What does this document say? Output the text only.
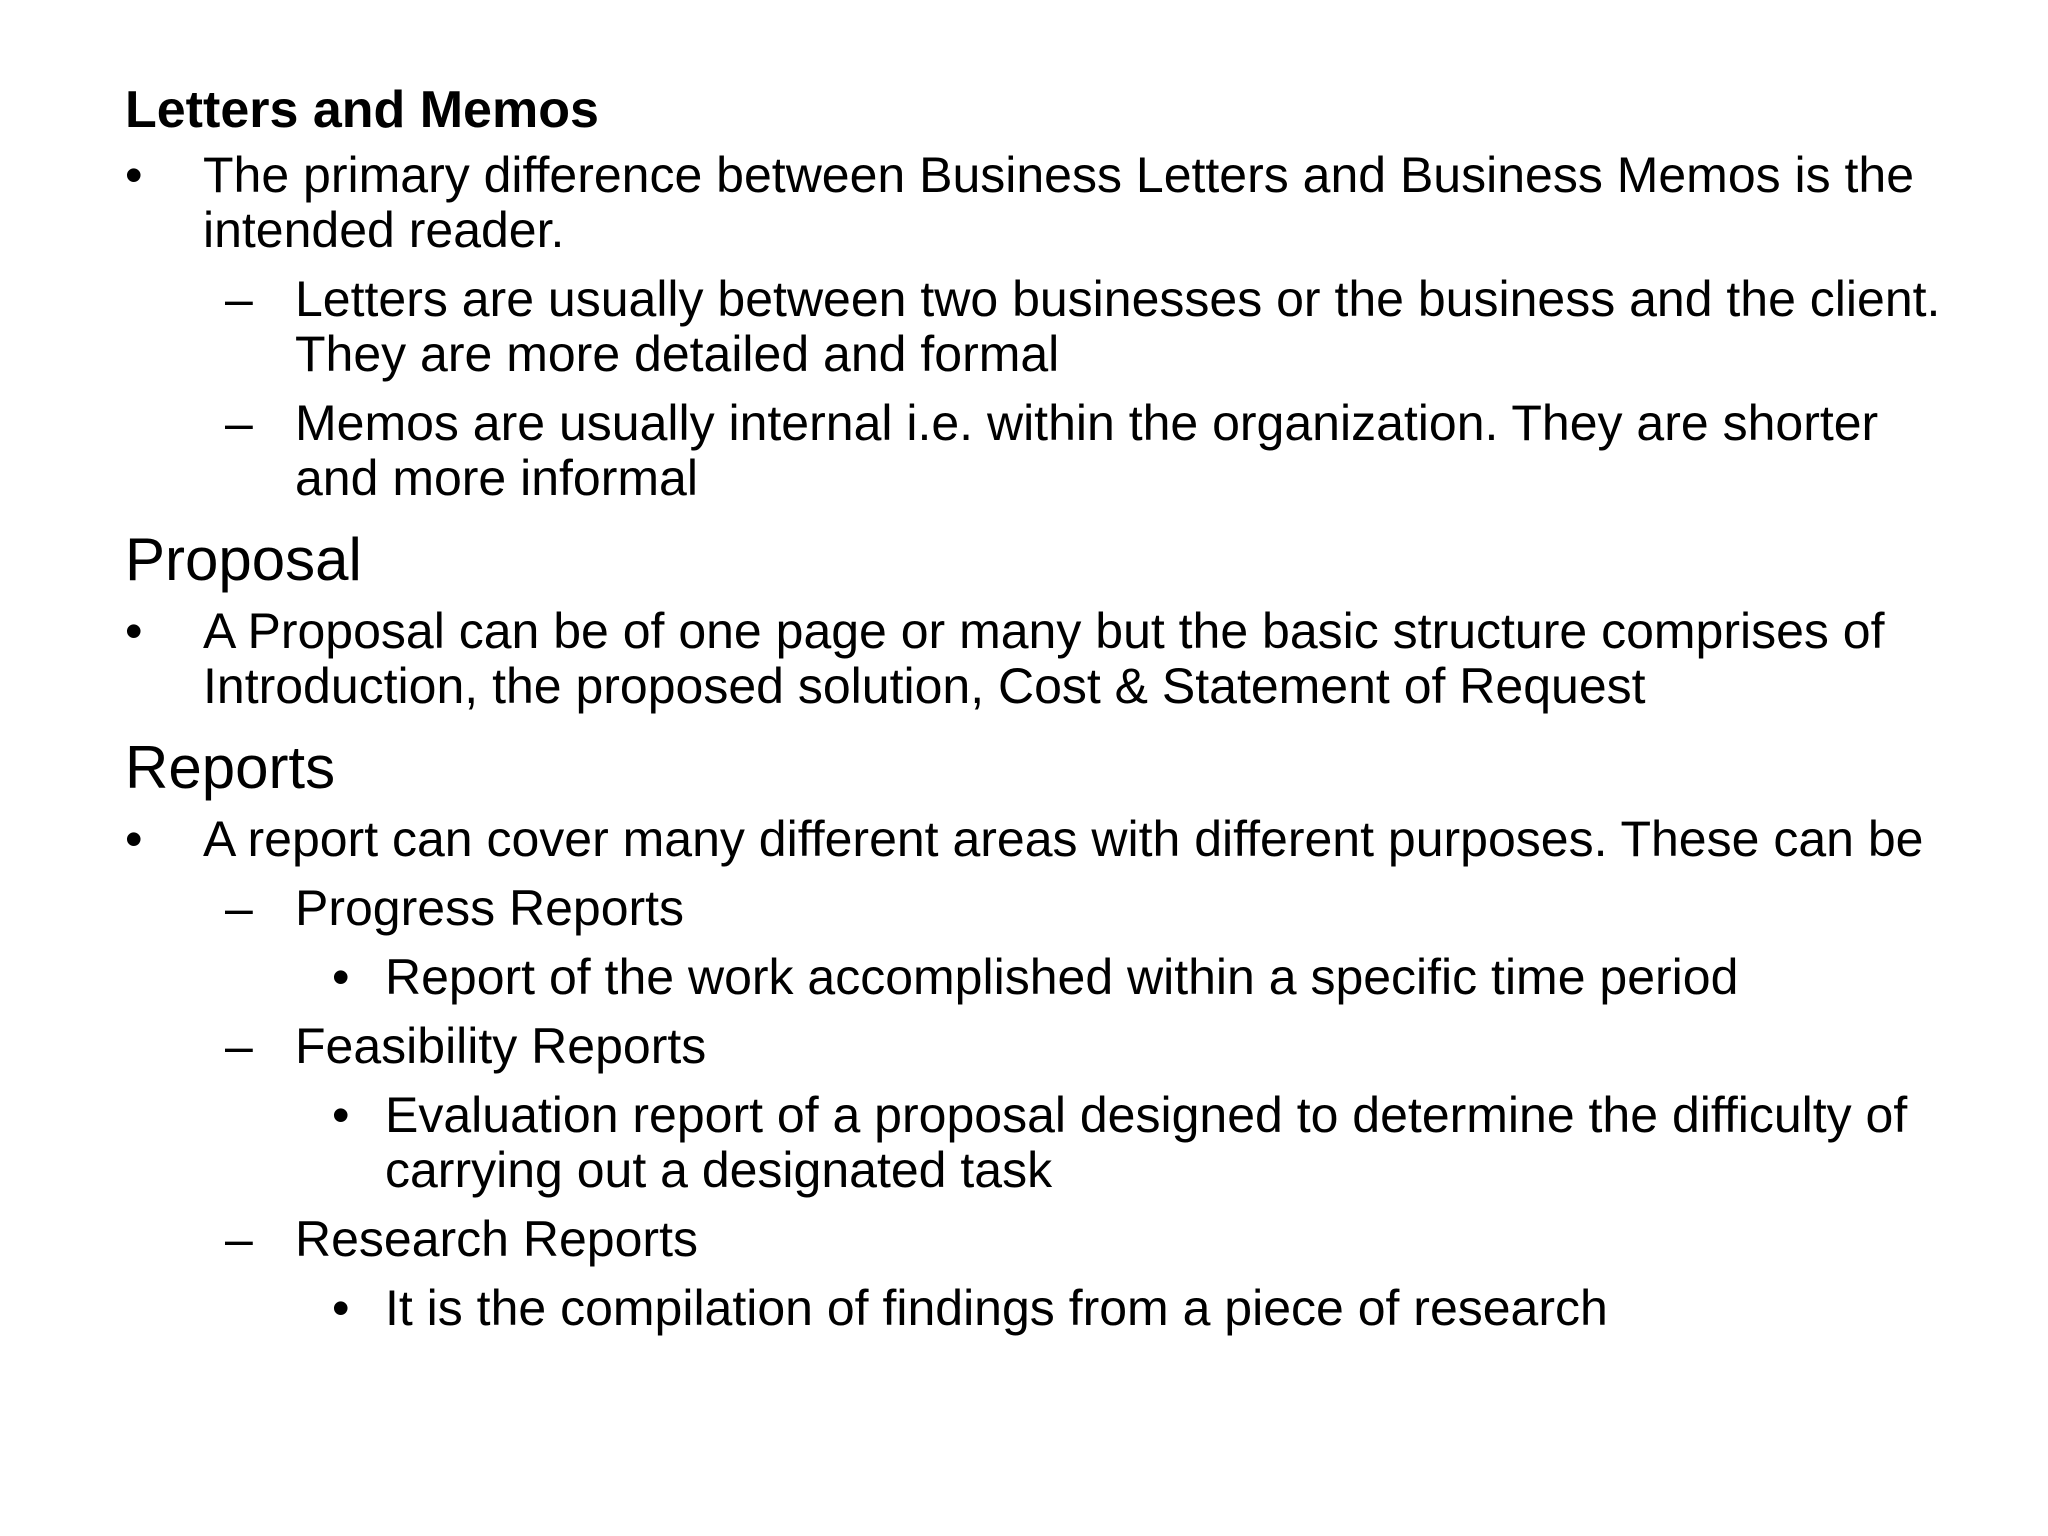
Letters and Memos

• The primary difference between Business Letters and Business Memos is the intended reader.
– Letters are usually between two businesses or the business and the client. They are more detailed and formal
– Memos are usually internal i.e. within the organization. They are shorter and more informal

Proposal

• A Proposal can be of one page or many but the basic structure comprises of Introduction, the proposed solution, Cost & Statement of Request

Reports

• A report can cover many different areas with different purposes. These can be
– Progress Reports
• Report of the work accomplished within a specific time period
– Feasibility Reports
• Evaluation report of a proposal designed to determine the difficulty of carrying out a designated task
– Research Reports
• It is the compilation of findings from a piece of research
